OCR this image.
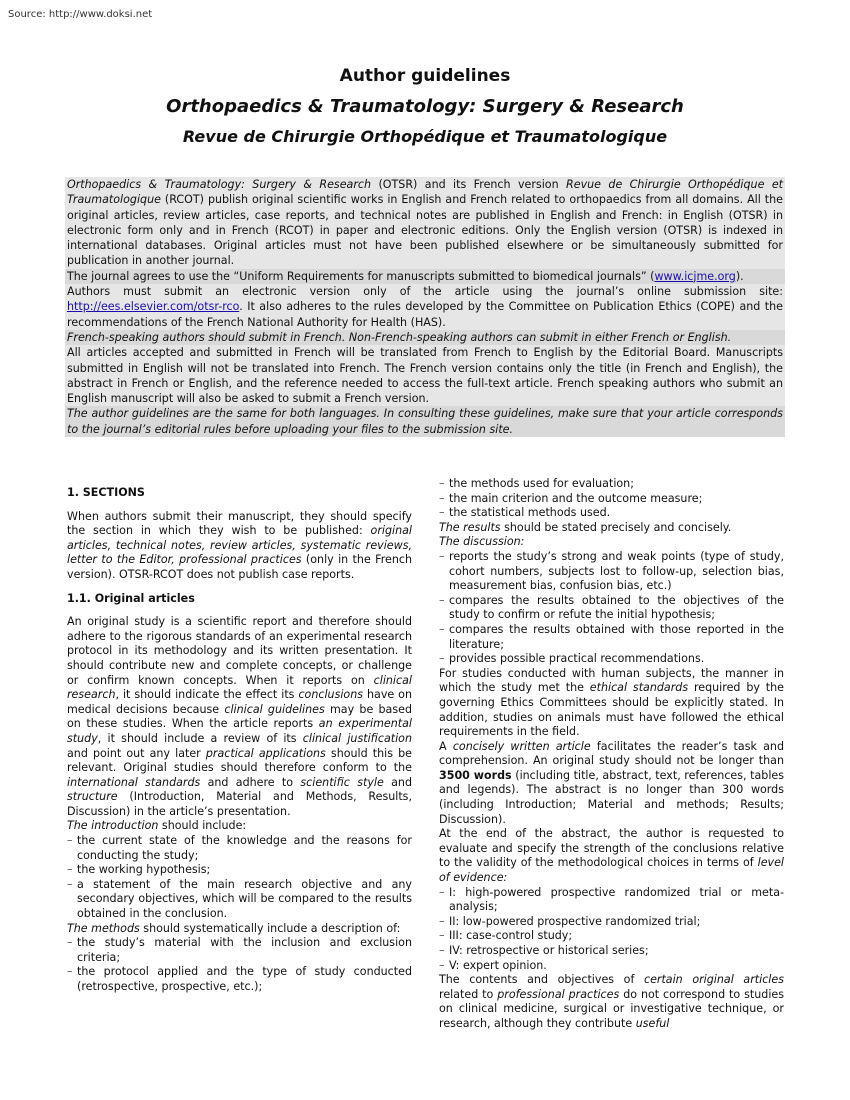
Source: http://www.doksi.net
Author guidelines
Orthopaedics & Traumatology: Surgery & Research
Revue de Chirurgie Orthopédique et Traumatologique

Orthopaedics & Traumatology: Surgery & Research (OTSR) and its French version Revue de Chirurgie Orthopédique et Traumatologique (RCOT) publish original scientific works in English and French related to orthopaedics from all domains. All the original articles, review articles, case reports, and technical notes are published in English and French: in English (OTSR) in electronic form only and in French (RCOT) in paper and electronic editions. Only the English version (OTSR) is indexed in international databases. Original articles must not have been published elsewhere or be simultaneously submitted for publication in another journal.

The journal agrees to use the “Uniform Requirements for manuscripts submitted to biomedical journals” (www.icjme.org).

Authors must submit an electronic version only of the article using the journal’s online submission site: http://ees.elsevier.com/otsr-rco. It also adheres to the rules developed by the Committee on Publication Ethics (COPE) and the recommendations of the French National Authority for Health (HAS).

French-speaking authors should submit in French. Non-French-speaking authors can submit in either French or English.

All articles accepted and submitted in French will be translated from French to English by the Editorial Board. Manuscripts submitted in English will not be translated into French. The French version contains only the title (in French and English), the abstract in French or English, and the reference needed to access the full-text article. French speaking authors who submit an English manuscript will also be asked to submit a French version.

The author guidelines are the same for both languages. In consulting these guidelines, make sure that your article corresponds to the journal’s editorial rules before uploading your files to the submission site.

1. SECTIONS

When authors submit their manuscript, they should specify the section in which they wish to be published: original articles, technical notes, review articles, systematic reviews, letter to the Editor, professional practices (only in the French version). OTSR-RCOT does not publish case reports.

1.1. Original articles

An original study is a scientific report and therefore should adhere to the rigorous standards of an experimental research protocol in its methodology and its written presentation. It should contribute new and complete concepts, or challenge or confirm known concepts. When it reports on clinical research, it should indicate the effect its conclusions have on medical decisions because clinical guidelines may be based on these studies. When the article reports an experimental study, it should include a review of its clinical justification and point out any later practical applications should this be relevant. Original studies should therefore conform to the international standards and adhere to scientific style and structure (Introduction, Material and Methods, Results, Discussion) in the article’s presentation.

The introduction should include:

– the current state of the knowledge and the reasons for conducting the study;
– the working hypothesis;
– a statement of the main research objective and any secondary objectives, which will be compared to the results obtained in the conclusion.

The methods should systematically include a description of:

– the study’s material with the inclusion and exclusion criteria;
– the protocol applied and the type of study conducted (retrospective, prospective, etc.);
– the methods used for evaluation;
– the main criterion and the outcome measure;
– the statistical methods used.

The results should be stated precisely and concisely.

The discussion:

– reports the study’s strong and weak points (type of study, cohort numbers, subjects lost to follow-up, selection bias, measurement bias, confusion bias, etc.)
– compares the results obtained to the objectives of the study to confirm or refute the initial hypothesis;
– compares the results obtained with those reported in the literature;
– provides possible practical recommendations.

For studies conducted with human subjects, the manner in which the study met the ethical standards required by the governing Ethics Committees should be explicitly stated. In addition, studies on animals must have followed the ethical requirements in the field.

A concisely written article facilitates the reader’s task and comprehension. An original study should not be longer than 3500 words (including title, abstract, text, references, tables and legends). The abstract is no longer than 300 words (including Introduction; Material and methods; Results; Discussion).

At the end of the abstract, the author is requested to evaluate and specify the strength of the conclusions relative to the validity of the methodological choices in terms of level of evidence:

– I: high-powered prospective randomized trial or meta-analysis;
– II: low-powered prospective randomized trial;
– III: case-control study;
– IV: retrospective or historical series;
– V: expert opinion.

The contents and objectives of certain original articles related to professional practices do not correspond to studies on clinical medicine, surgical or investigative technique, or research, although they contribute useful
